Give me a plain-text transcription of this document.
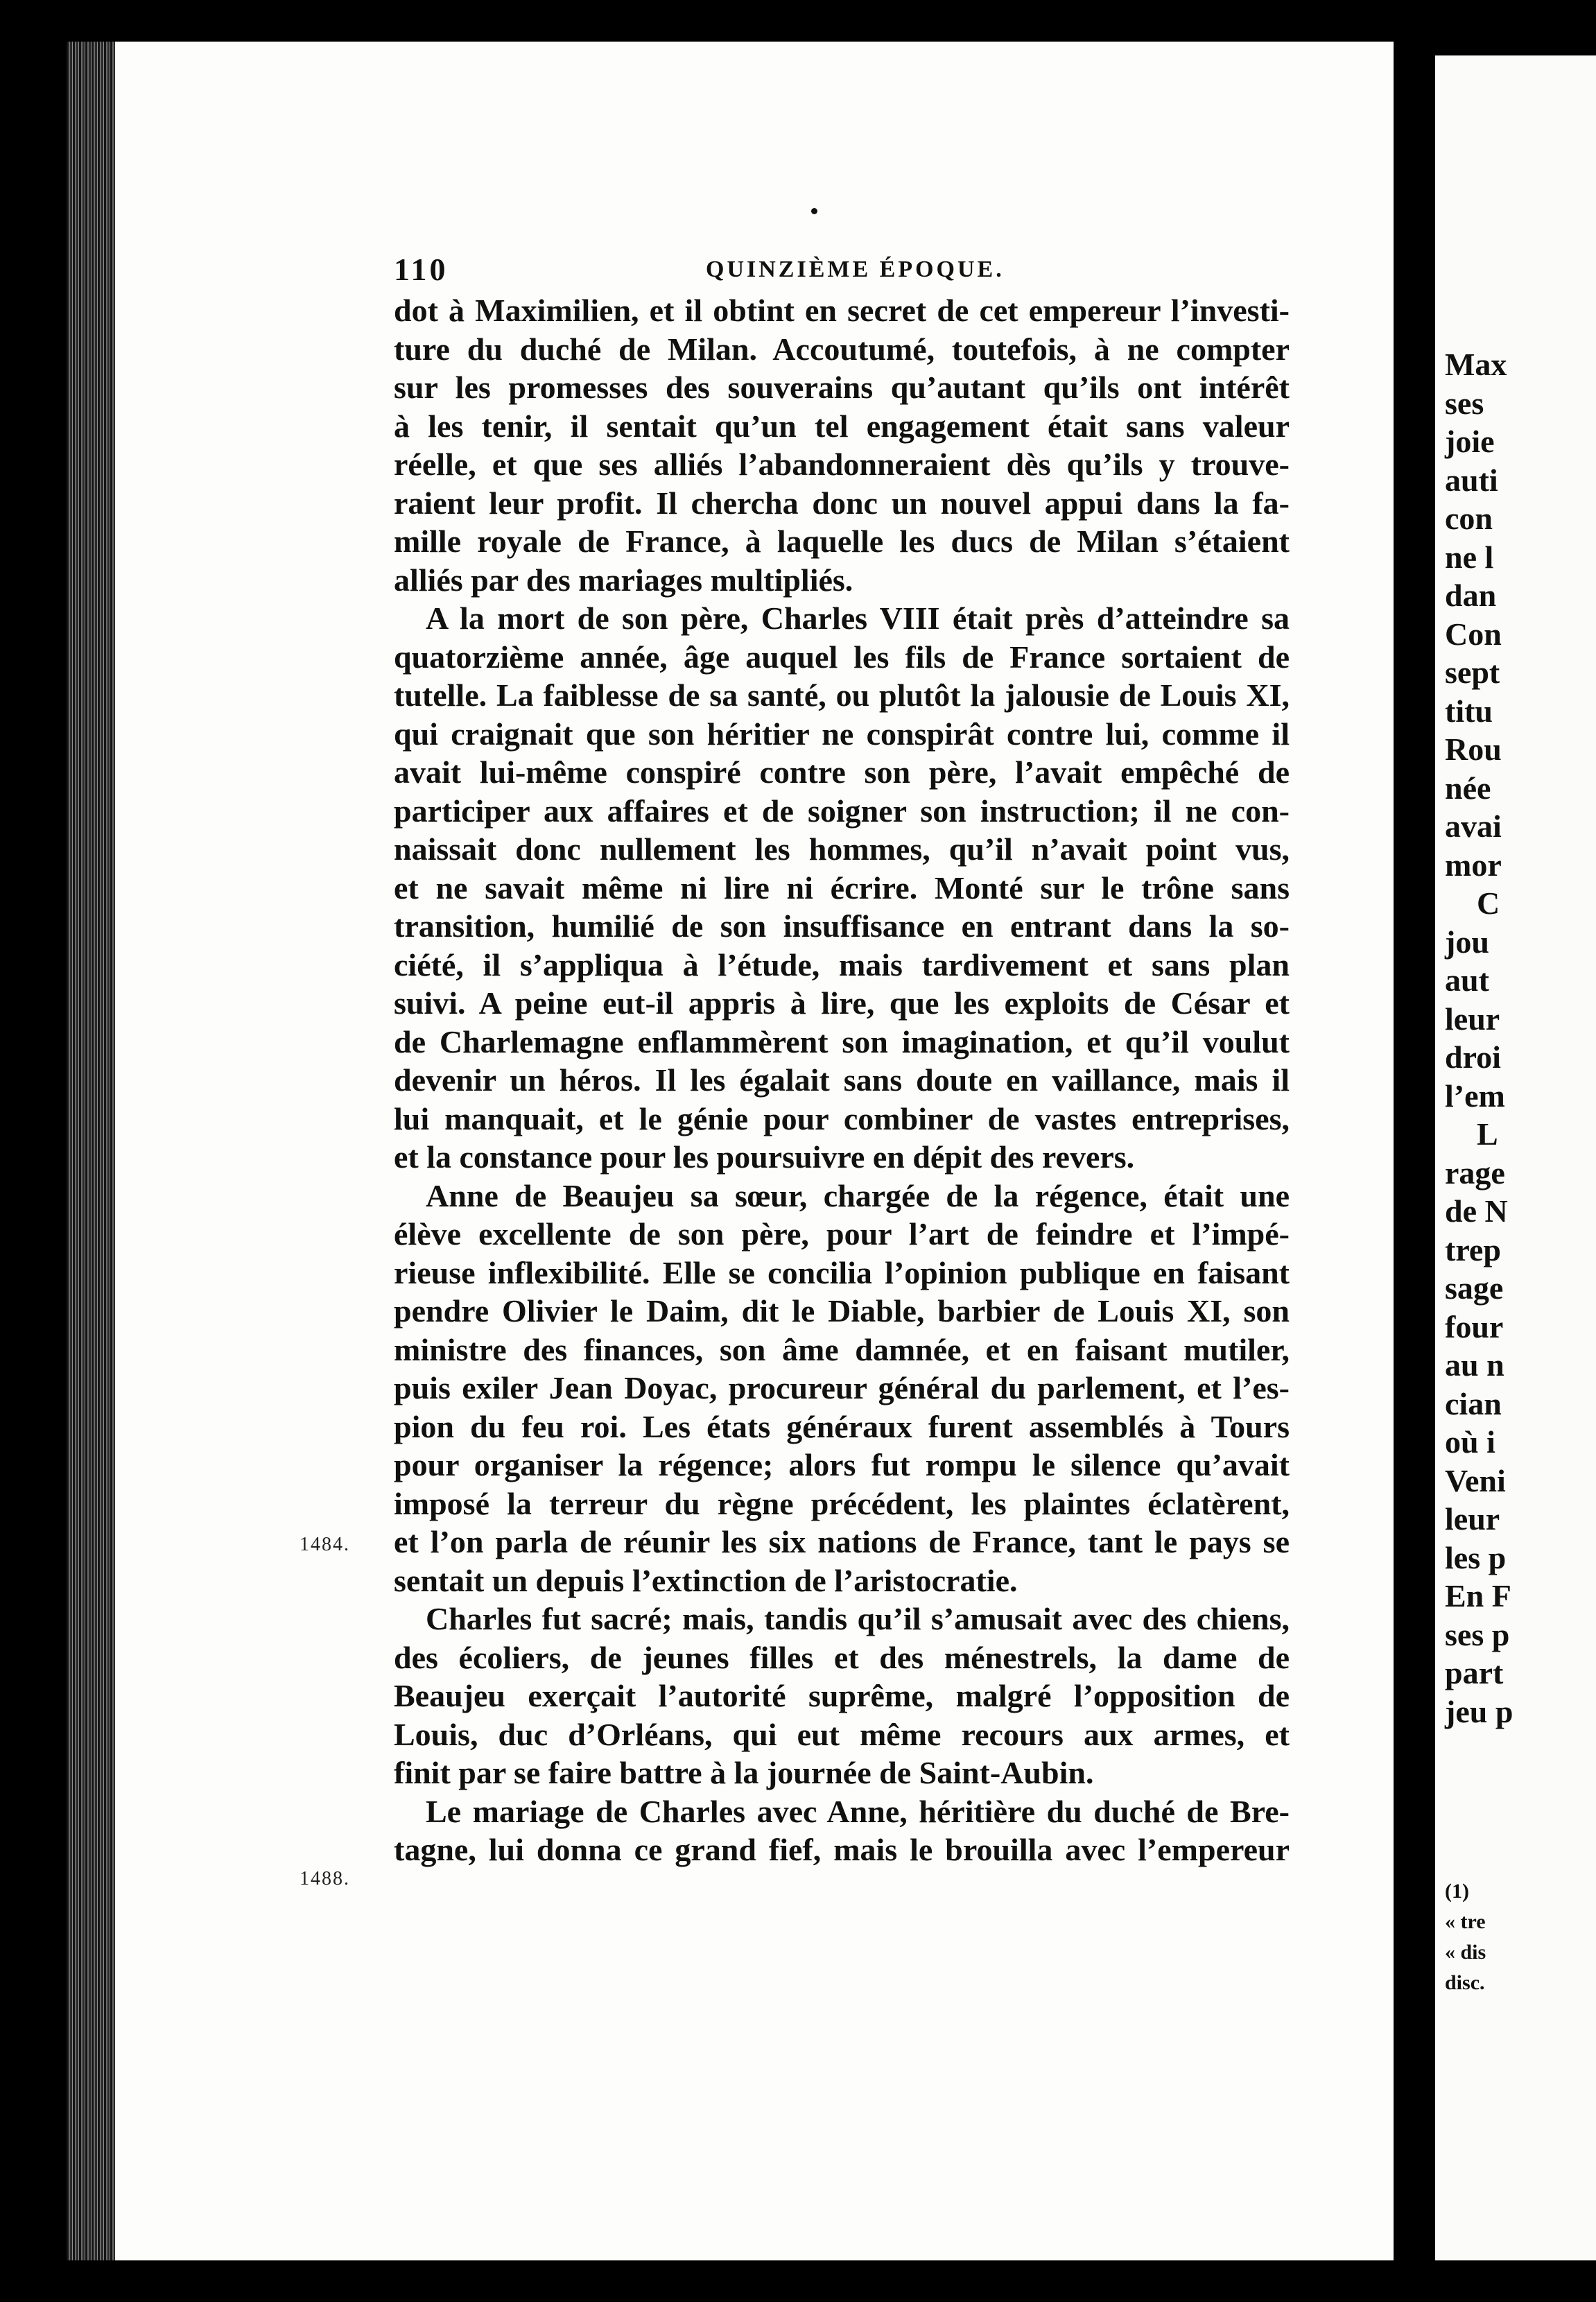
110	QUINZIÈME ÉPOQUE.
1484.
1488.
dot à Maximilien, et il obtint en secret de cet empereur l’investi-
ture du duché de Milan. Accoutumé, toutefois, à ne compter
sur les promesses des souverains qu’autant qu’ils ont intérêt
à les tenir, il sentait qu’un tel engagement était sans valeur
réelle, et que ses alliés l’abandonneraient dès qu’ils y trouve-
raient leur profit. Il chercha donc un nouvel appui dans la fa-
mille royale de France, à laquelle les ducs de Milan s’étaient
alliés par des mariages multipliés.
A la mort de son père, Charles VIII était près d’atteindre sa
quatorzième année, âge auquel les fils de France sortaient de
tutelle. La faiblesse de sa santé, ou plutôt la jalousie de Louis XI,
qui craignait que son héritier ne conspirât contre lui, comme il
avait lui-même conspiré contre son père, l’avait empêché de
participer aux affaires et de soigner son instruction; il ne con-
naissait donc nullement les hommes, qu’il n’avait point vus,
et ne savait même ni lire ni écrire. Monté sur le trône sans
transition, humilié de son insuffisance en entrant dans la so-
ciété, il s’appliqua à l’étude, mais tardivement et sans plan
suivi. A peine eut-il appris à lire, que les exploits de César et
de Charlemagne enflammèrent son imagination, et qu’il voulut
devenir un héros. Il les égalait sans doute en vaillance, mais il
lui manquait, et le génie pour combiner de vastes entreprises,
et la constance pour les poursuivre en dépit des revers.
Anne de Beaujeu sa sœur, chargée de la régence, était une
élève excellente de son père, pour l’art de feindre et l’impé-
rieuse inflexibilité. Elle se concilia l’opinion publique en faisant
pendre Olivier le Daim, dit le Diable, barbier de Louis XI, son
ministre des finances, son âme damnée, et en faisant mutiler,
puis exiler Jean Doyac, procureur général du parlement, et l’es-
pion du feu roi. Les états généraux furent assemblés à Tours
pour organiser la régence; alors fut rompu le silence qu’avait
imposé la terreur du règne précédent, les plaintes éclatèrent,
et l’on parla de réunir les six nations de France, tant le pays se
sentait un depuis l’extinction de l’aristocratie.
Charles fut sacré; mais, tandis qu’il s’amusait avec des chiens,
des écoliers, de jeunes filles et des ménestrels, la dame de
Beaujeu exerçait l’autorité suprême, malgré l’opposition de
Louis, duc d’Orléans, qui eut même recours aux armes, et
finit par se faire battre à la journée de Saint-Aubin.
Le mariage de Charles avec Anne, héritière du duché de Bre-
tagne, lui donna ce grand fief, mais le brouilla avec l’empereur
Max
ses
joie
auti
con
ne l
dan
Con
sept
titu
Rou
née
avai
mor
C
jou
aut
leur
droi
l’em
L
rage
de N
trep
sage
four
au n
cian
où i
Veni
leur
les p
En F
ses p
part
jeu p
(1)
« tre
« dis
disc.
